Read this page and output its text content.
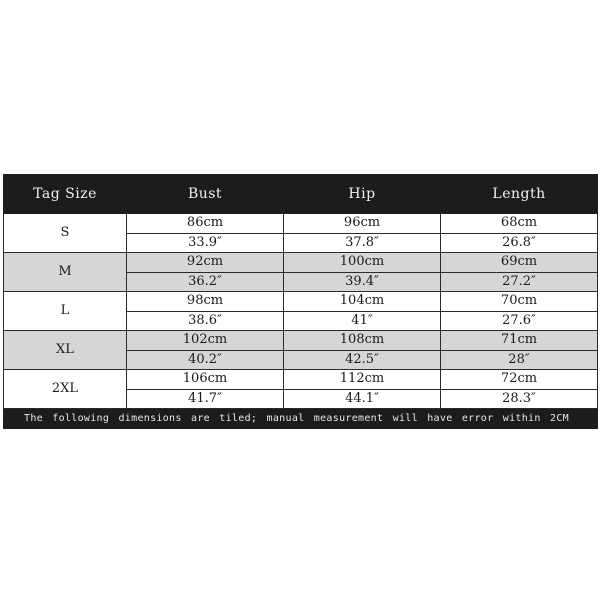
Tag Size	Bust	Hip	Length
S	86cm	96cm	68cm
	33.9″	37.8″	26.8″
M	92cm	100cm	69cm
	36.2″	39.4″	27.2″
L	98cm	104cm	70cm
	38.6″	41″	27.6″
XL	102cm	108cm	71cm
	40.2″	42.5″	28″
2XL	106cm	112cm	72cm
	41.7″	44.1″	28.3″
The following dimensions are tiled; manual measurement will have error within 2CM			
